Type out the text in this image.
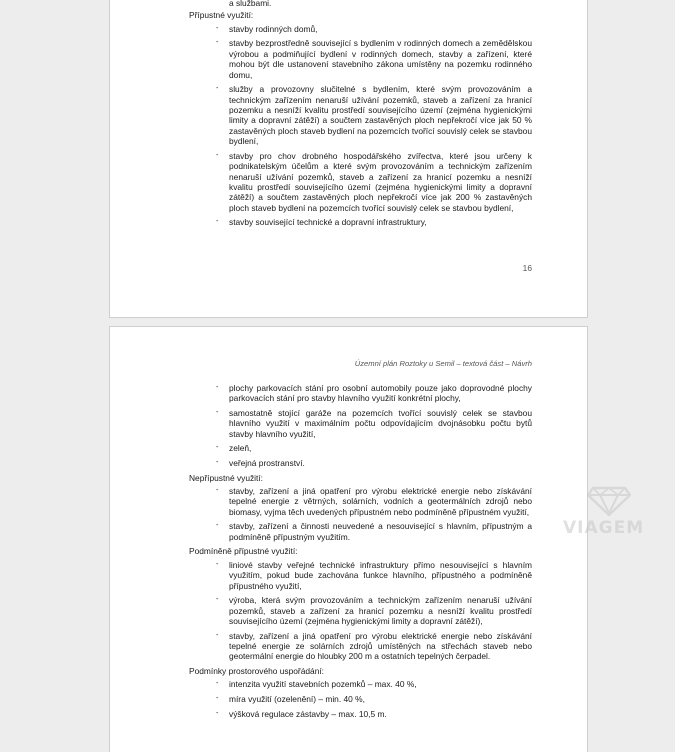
a službami.
Přípustné využití:
- stavby rodinných domů,
- stavby bezprostředně související s bydlením v rodinných domech a zemědělskou výrobou a podmiňující bydlení v rodinných domech, stavby a zařízení, které mohou být dle ustanovení stavebního zákona umístěny na pozemku rodinného domu,
- služby a provozovny slučitelné s bydlením, které svým provozováním a technickým zařízením nenaruší užívání pozemků, staveb a zařízení za hranicí pozemku a nesníží kvalitu prostředí souvisejícího území (zejména hygienickými limity a dopravní zátěží) a součtem zastavěných ploch nepřekročí více jak 50 % zastavěných ploch staveb bydlení na pozemcích tvořící souvislý celek se stavbou bydlení,
- stavby pro chov drobného hospodářského zvířectva, které jsou určeny k podnikatelským účelům a které svým provozováním a technickým zařízením nenaruší užívání pozemků, staveb a zařízení za hranicí pozemku a nesníží kvalitu prostředí souvisejícího území (zejména hygienickými limity a dopravní zátěží) a součtem zastavěných ploch nepřekročí více jak 200 % zastavěných ploch staveb bydlení na pozemcích tvořící souvislý celek se stavbou bydlení,
- stavby související technické a dopravní infrastruktury,
16
Územní plán Roztoky u Semil – textová část – Návrh
- plochy parkovacích stání pro osobní automobily pouze jako doprovodné plochy parkovacích stání pro stavby hlavního využití konkrétní plochy,
- samostatně stojící garáže na pozemcích tvořící souvislý celek se stavbou hlavního využití v maximálním počtu odpovídajícím dvojnásobku počtu bytů stavby hlavního využití,
- zeleň,
- veřejná prostranství.
Nepřípustné využití:
- stavby, zařízení a jiná opatření pro výrobu elektrické energie nebo získávání tepelné energie z větrných, solárních, vodních a geotermálních zdrojů nebo biomasy, vyjma těch uvedených přípustném nebo podmíněně přípustném využití,
- stavby, zařízení a činnosti neuvedené a nesouvisející s hlavním, přípustným a podmíněně přípustným využitím.
Podmíněně přípustné využití:
- liniové stavby veřejné technické infrastruktury přímo nesouvisející s hlavním využitím, pokud bude zachována funkce hlavního, přípustného a podmíněně přípustného využití,
- výroba, která svým provozováním a technickým zařízením nenaruší užívání pozemků, staveb a zařízení za hranicí pozemku a nesníží kvalitu prostředí souvisejícího území (zejména hygienickými limity a dopravní zátěží),
- stavby, zařízení a jiná opatření pro výrobu elektrické energie nebo získávání tepelné energie ze solárních zdrojů umístěných na střechách staveb nebo geotermální energie do hloubky 200 m a ostatních tepelných čerpadel.
Podmínky prostorového uspořádání:
- intenzita využití stavebních pozemků – max. 40 %,
- míra využití (ozelenění) – min. 40 %,
- výšková regulace zástavby – max. 10,5 m.
VIAGEM
